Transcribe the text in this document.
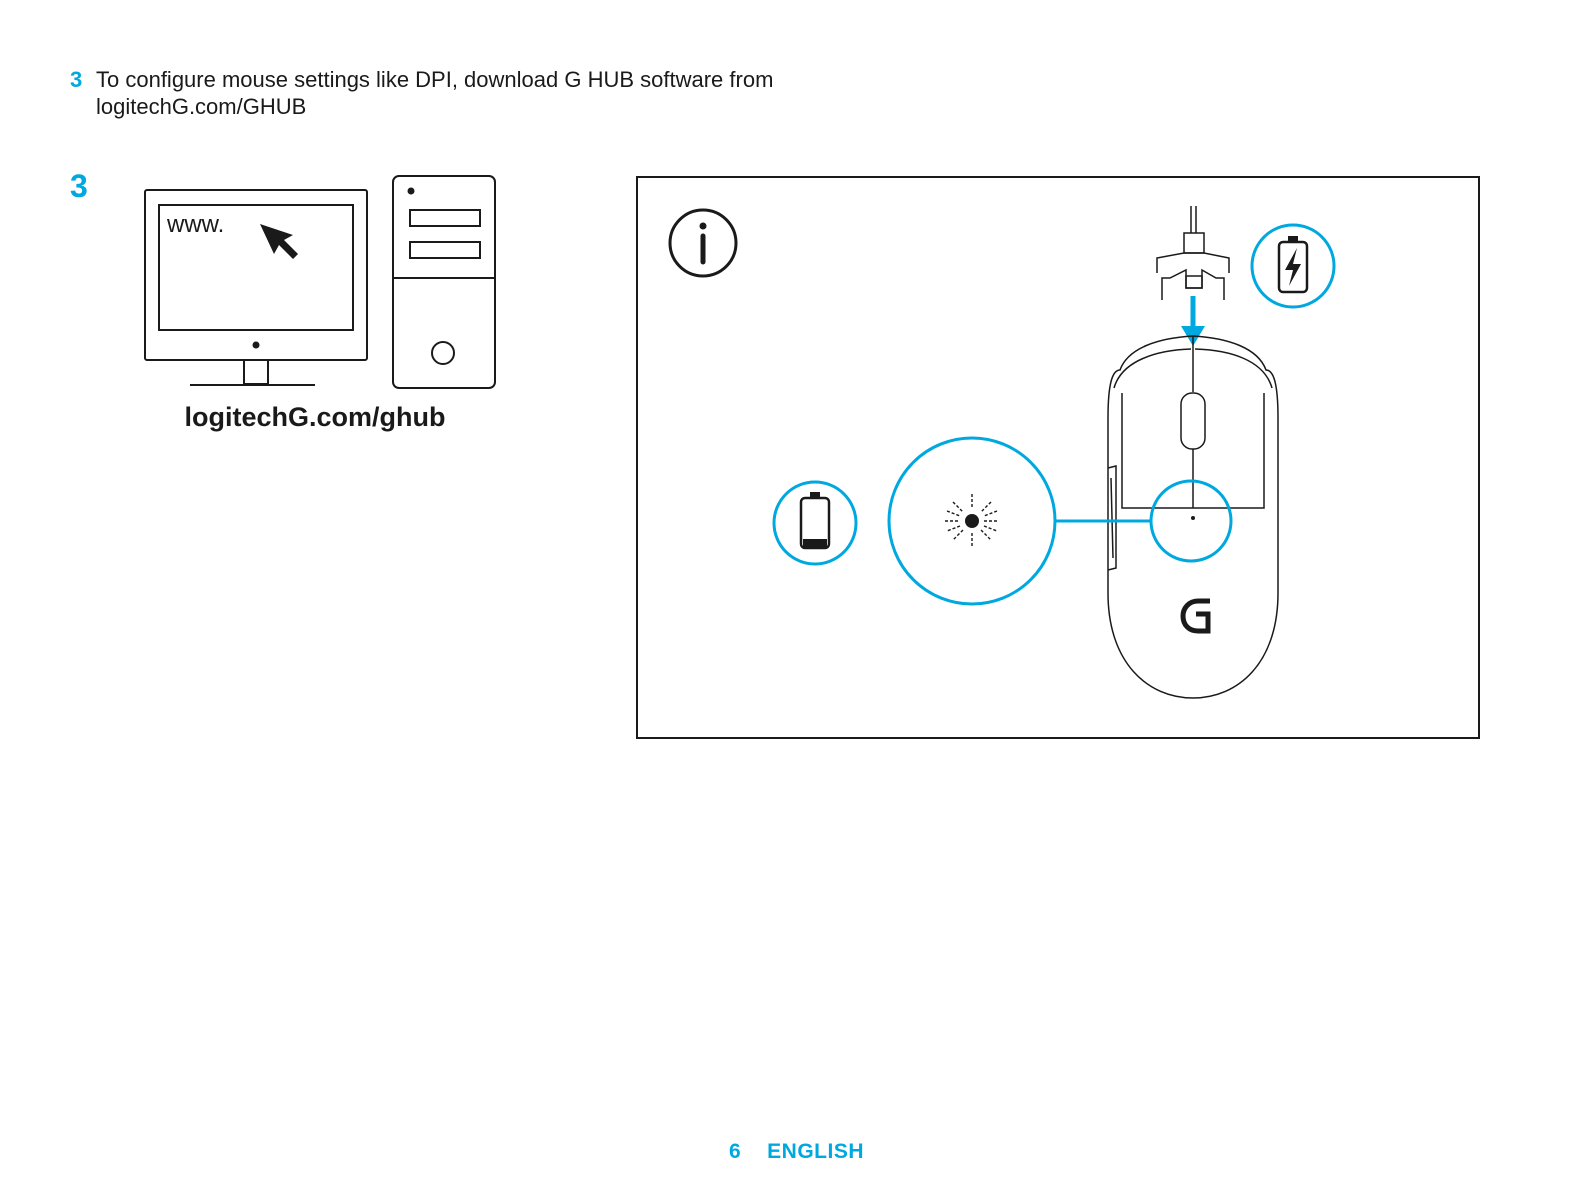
3 To configure mouse settings like DPI, download G HUB software from
logitechG.com/GHUB
3
www.
logitechG.com/ghub
6 ENGLISH
